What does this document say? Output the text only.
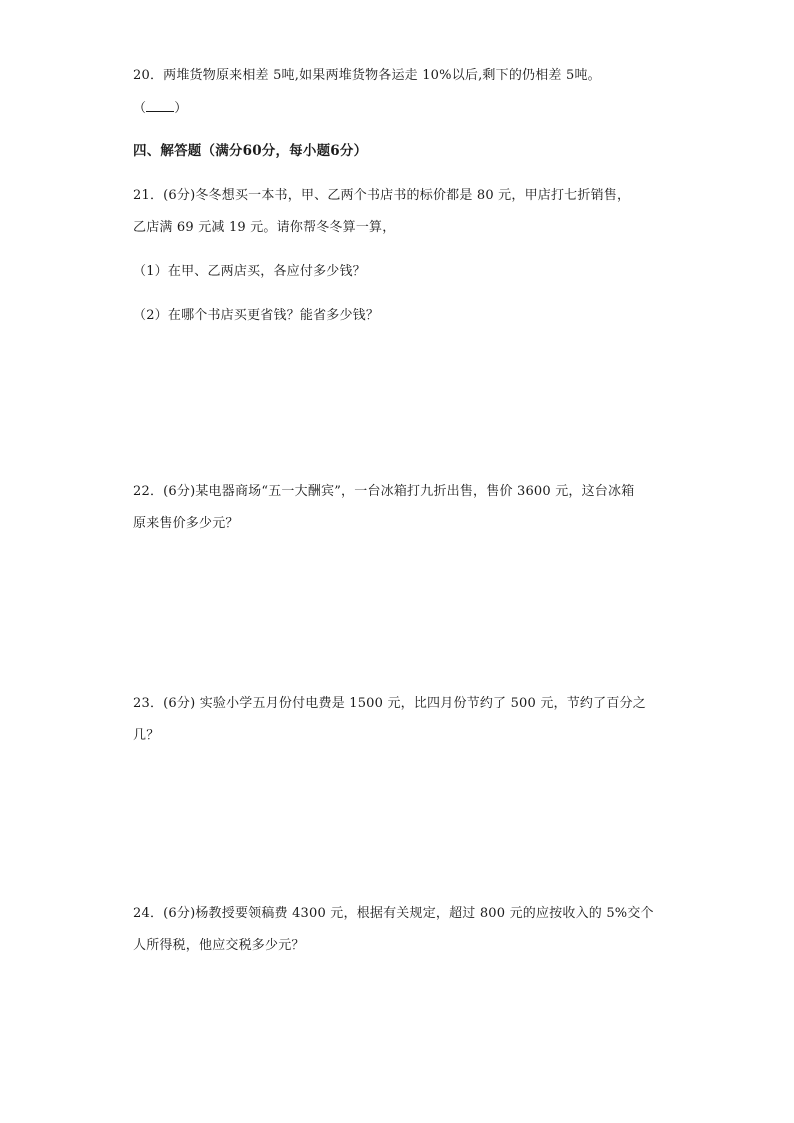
20．两堆货物原来相差 5吨,如果两堆货物各运走 10%以后,剩下的仍相差 5吨。
（ ）
四、解答题（满分60分，每小题6分）
21．(6分)冬冬想买一本书，甲、乙两个书店书的标价都是 80 元，甲店打七折销售，
乙店满 69 元减 19 元。请你帮冬冬算一算，
（1）在甲、乙两店买，各应付多少钱？
（2）在哪个书店买更省钱？能省多少钱？
22．(6分)某电器商场“五一大酬宾”，一台冰箱打九折出售，售价 3600 元，这台冰箱
原来售价多少元？
23．(6分) 实验小学五月份付电费是 1500 元，比四月份节约了 500 元，节约了百分之
几？
24．(6分)杨教授要领稿费 4300 元，根据有关规定，超过 800 元的应按收入的 5%交个
人所得税，他应交税多少元？
